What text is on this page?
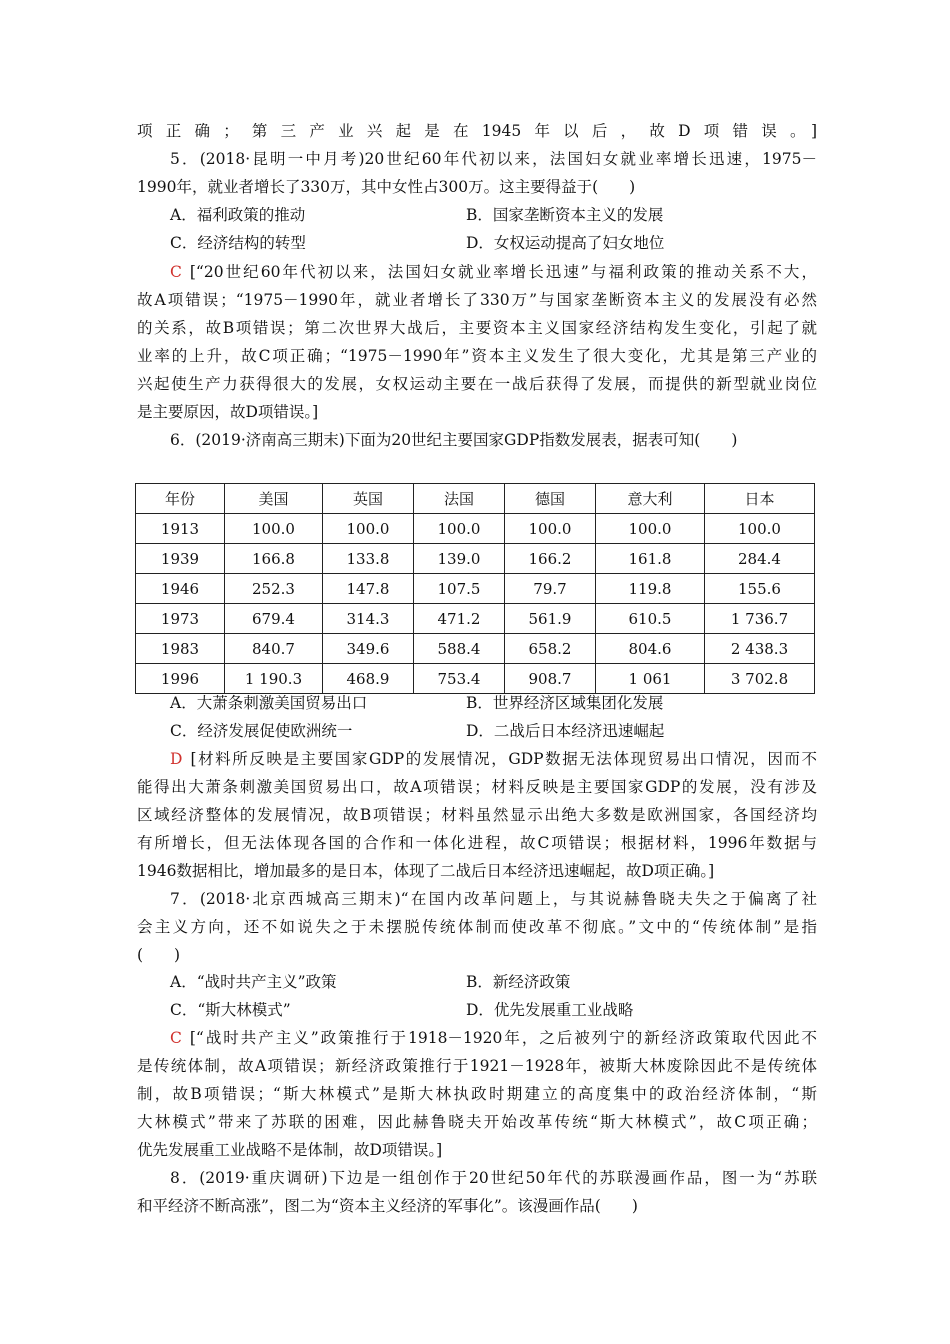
项正确；第三产业兴起是在1945年以后，故D项错误。]
5．(2018·昆明一中月考)20世纪60年代初以来，法国妇女就业率增长迅速，1975－
1990年，就业者增长了330万，其中女性占300万。这主要得益于(　　)
A．福利政策的推动	B．国家垄断资本主义的发展
C．经济结构的转型	D．女权运动提高了妇女地位
C [“20世纪60年代初以来，法国妇女就业率增长迅速”与福利政策的推动关系不大，
故A项错误；“1975－1990年，就业者增长了330万”与国家垄断资本主义的发展没有必然
的关系，故B项错误；第二次世界大战后，主要资本主义国家经济结构发生变化，引起了就
业率的上升，故C项正确；“1975－1990年”资本主义发生了很大变化，尤其是第三产业的
兴起使生产力获得很大的发展，女权运动主要在一战后获得了发展，而提供的新型就业岗位
是主要原因，故D项错误。]
6．(2019·济南高三期末)下面为20世纪主要国家GDP指数发展表，据表可知(　　)
年份	美国	英国	法国	德国	意大利	日本
1913	100.0	100.0	100.0	100.0	100.0	100.0
1939	166.8	133.8	139.0	166.2	161.8	284.4
1946	252.3	147.8	107.5	79.7	119.8	155.6
1973	679.4	314.3	471.2	561.9	610.5	1 736.7
1983	840.7	349.6	588.4	658.2	804.6	2 438.3
1996	1 190.3	468.9	753.4	908.7	1 061	3 702.8
A．大萧条刺激美国贸易出口	B．世界经济区域集团化发展
C．经济发展促使欧洲统一	D．二战后日本经济迅速崛起
D [材料所反映是主要国家GDP的发展情况，GDP数据无法体现贸易出口情况，因而不
能得出大萧条刺激美国贸易出口，故A项错误；材料反映是主要国家GDP的发展，没有涉及
区域经济整体的发展情况，故B项错误；材料虽然显示出绝大多数是欧洲国家，各国经济均
有所增长，但无法体现各国的合作和一体化进程，故C项错误；根据材料，1996年数据与
1946数据相比，增加最多的是日本，体现了二战后日本经济迅速崛起，故D项正确。]
7．(2018·北京西城高三期末)“在国内改革问题上，与其说赫鲁晓夫失之于偏离了社
会主义方向，还不如说失之于未摆脱传统体制而使改革不彻底。”文中的“传统体制”是指
(　　)
A．“战时共产主义”政策	B．新经济政策
C．“斯大林模式”	D．优先发展重工业战略
C [“战时共产主义”政策推行于1918－1920年，之后被列宁的新经济政策取代因此不
是传统体制，故A项错误；新经济政策推行于1921－1928年，被斯大林废除因此不是传统体
制，故B项错误；“斯大林模式”是斯大林执政时期建立的高度集中的政治经济体制，“斯
大林模式”带来了苏联的困难，因此赫鲁晓夫开始改革传统“斯大林模式”，故C项正确；
优先发展重工业战略不是体制，故D项错误。]
8．(2019·重庆调研)下边是一组创作于20世纪50年代的苏联漫画作品，图一为“苏联
和平经济不断高涨”，图二为“资本主义经济的军事化”。该漫画作品(　　)
